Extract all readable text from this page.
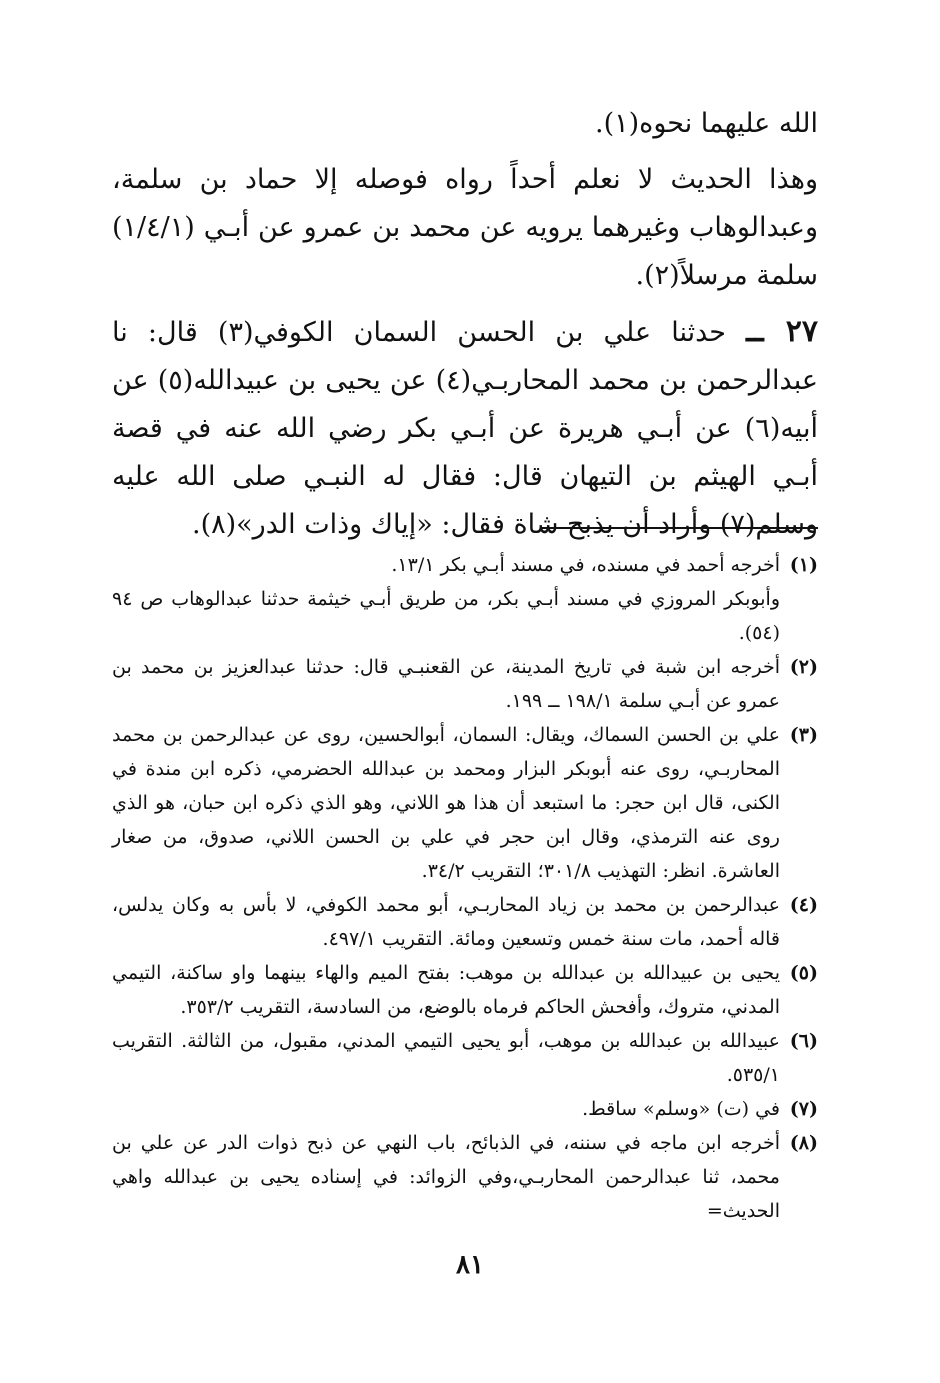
الله عليهما نحوه(١).

وهذا الحديث لا نعلم أحداً رواه فوصله إلا حماد بن سلمة، وعبدالوهاب وغيرهما يرويه عن محمد بن عمرو عن أبـي (١/٤/١) سلمة مرسلاً(٢).

٢٧ ــ حدثنا علي بن الحسن السمان الكوفي(٣) قال: نا عبدالرحمن بن محمد المحاربـي(٤) عن يحيى بن عبيدالله(٥) عن أبيه(٦) عن أبـي هريرة عن أبـي بكر رضي الله عنه في قصة أبـي الهيثم بن التيهان قال: فقال له النبـي صلى الله عليه وسلم(٧) وأراد أن يذبح شاة فقال: «إياك وذات الدر»(٨).

(١)
أخرجه أحمد في مسنده، في مسند أبـي بكر ١٣/١.
وأبوبكر المروزي في مسند أبـي بكر، من طريق أبـي خيثمة حدثنا عبدالوهاب ص ٩٤ (٥٤).
(٢)
أخرجه ابن شبة في تاريخ المدينة، عن القعنبـي قال: حدثنا عبدالعزيز بن محمد بن عمرو عن أبـي سلمة ١٩٨/١ ــ ١٩٩.
(٣)
علي بن الحسن السماك، ويقال: السمان، أبوالحسين، روى عن عبدالرحمن بن محمد المحاربـي، روى عنه أبوبكر البزار ومحمد بن عبدالله الحضرمي، ذكره ابن مندة في الكنى، قال ابن حجر: ما استبعد أن هذا هو اللاني، وهو الذي ذكره ابن حبان، هو الذي روى عنه الترمذي، وقال ابن حجر في علي بن الحسن اللاني، صدوق، من صغار العاشرة. انظر: التهذيب ٣٠١/٨؛ التقريب ٣٤/٢.
(٤)
عبدالرحمن بن محمد بن زياد المحاربـي، أبو محمد الكوفي، لا بأس به وكان يدلس، قاله أحمد، مات سنة خمس وتسعين ومائة. التقريب ٤٩٧/١.
(٥)
يحيى بن عبيدالله بن عبدالله بن موهب: بفتح الميم والهاء بينهما واو ساكنة، التيمي المدني، متروك، وأفحش الحاكم فرماه بالوضع، من السادسة، التقريب ٣٥٣/٢.
(٦)
عبيدالله بن عبدالله بن موهب، أبو يحيى التيمي المدني، مقبول، من الثالثة. التقريب ٥٣٥/١.
(٧)
في (ت) «وسلم» ساقط.
(٨)
أخرجه ابن ماجه في سننه، في الذبائح، باب النهي عن ذبح ذوات الدر عن علي بن محمد، ثنا عبدالرحمن المحاربـي،وفي الزوائد: في إسناده يحيى بن عبدالله واهي الحديث=
٨١
